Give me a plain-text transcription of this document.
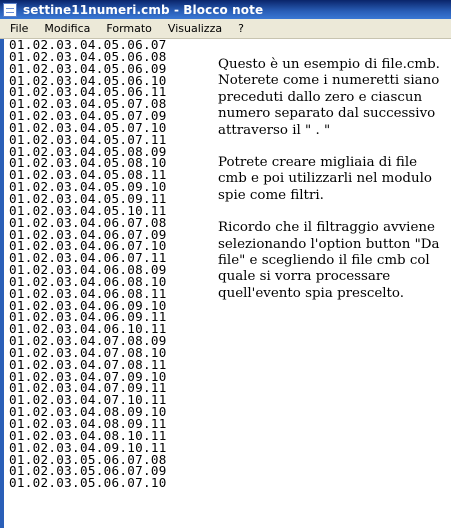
settine11numeri.cmb - Blocco note
File	Modifica	Formato	Visualizza	?
01.02.03.04.05.06.07
01.02.03.04.05.06.08
01.02.03.04.05.06.09
01.02.03.04.05.06.10
01.02.03.04.05.06.11
01.02.03.04.05.07.08
01.02.03.04.05.07.09
01.02.03.04.05.07.10
01.02.03.04.05.07.11
01.02.03.04.05.08.09
01.02.03.04.05.08.10
01.02.03.04.05.08.11
01.02.03.04.05.09.10
01.02.03.04.05.09.11
01.02.03.04.05.10.11
01.02.03.04.06.07.08
01.02.03.04.06.07.09
01.02.03.04.06.07.10
01.02.03.04.06.07.11
01.02.03.04.06.08.09
01.02.03.04.06.08.10
01.02.03.04.06.08.11
01.02.03.04.06.09.10
01.02.03.04.06.09.11
01.02.03.04.06.10.11
01.02.03.04.07.08.09
01.02.03.04.07.08.10
01.02.03.04.07.08.11
01.02.03.04.07.09.10
01.02.03.04.07.09.11
01.02.03.04.07.10.11
01.02.03.04.08.09.10
01.02.03.04.08.09.11
01.02.03.04.08.10.11
01.02.03.04.09.10.11
01.02.03.05.06.07.08
01.02.03.05.06.07.09
01.02.03.05.06.07.10

Questo è un esempio di file.cmb. Noterete come i numeretti siano preceduti dallo zero e ciascun numero separato dal successivo attraverso il " . "

Potrete creare migliaia di file cmb e poi utilizzarli nel modulo spie come filtri.

Ricordo che il filtraggio avviene selezionando l'option button "Da file" e scegliendo il file cmb col quale si vorra processare quell'evento spia prescelto.
